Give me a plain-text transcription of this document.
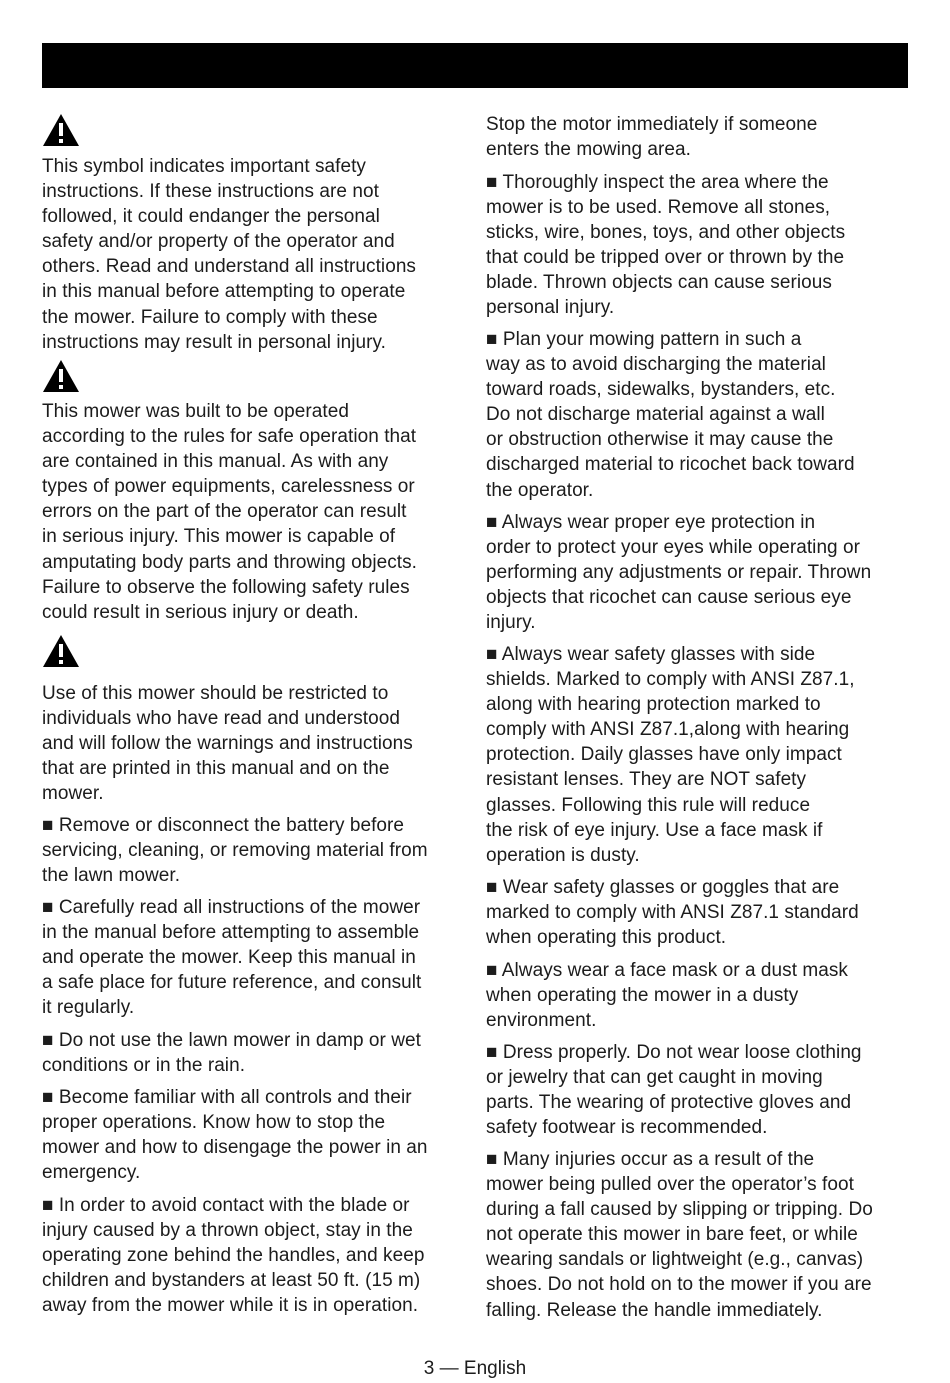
This symbol indicates important safety
instructions. If these instructions are not
followed, it could endanger the personal
safety and/or property of the operator and
others. Read and understand all instructions
in this manual before attempting to operate
the mower. Failure to comply with these
instructions may result in personal injury.

This mower was built to be operated
according to the rules for safe operation that
are contained in this manual. As with any
types of power equipments, carelessness or
errors on the part of the operator can result
in serious injury. This mower is capable of
amputating body parts and throwing objects.
Failure to observe the following safety rules
could result in serious injury or death.

Use of this mower should be restricted to
individuals who have read and understood
and will follow the warnings and instructions
that are printed in this manual and on the
mower.

■ Remove or disconnect the battery before
servicing, cleaning, or removing material from
the lawn mower.

■ Carefully read all instructions of the mower
in the manual before attempting to assemble
and operate the mower. Keep this manual in
a safe place for future reference, and consult
it regularly.

■ Do not use the lawn mower in damp or wet
conditions or in the rain.

■ Become familiar with all controls and their
proper operations. Know how to stop the
mower and how to disengage the power in an
emergency.

■ In order to avoid contact with the blade or
injury caused by a thrown object, stay in the
operating zone behind the handles, and keep
children and bystanders at least 50 ft. (15 m)
away from the mower while it is in operation.

Stop the motor immediately if someone
enters the mowing area.

■ Thoroughly inspect the area where the
mower is to be used. Remove all stones,
sticks, wire, bones, toys, and other objects
that could be tripped over or thrown by the
blade. Thrown objects can cause serious
personal injury.

■ Plan your mowing pattern in such a
way as to avoid discharging the material
toward roads, sidewalks, bystanders, etc.
Do not discharge material against a wall
or obstruction otherwise it may cause the
discharged material to ricochet back toward
the operator.

■ Always wear proper eye protection in
order to protect your eyes while operating or
performing any adjustments or repair. Thrown
objects that ricochet can cause serious eye
injury.

■ Always wear safety glasses with side
shields. Marked to comply with ANSI Z87.1,
along with hearing protection marked to
comply with ANSI Z87.1,along with hearing
protection. Daily glasses have only impact
resistant lenses. They are NOT safety
glasses. Following this rule will reduce
the risk of eye injury. Use a face mask if
operation is dusty.

■ Wear safety glasses or goggles that are
marked to comply with ANSI Z87.1 standard
when operating this product.

■ Always wear a face mask or a dust mask
when operating the mower in a dusty
environment.

■ Dress properly. Do not wear loose clothing
or jewelry that can get caught in moving
parts. The wearing of protective gloves and
safety footwear is recommended.

■ Many injuries occur as a result of the
mower being pulled over the operator’s foot
during a fall caused by slipping or tripping. Do
not operate this mower in bare feet, or while
wearing sandals or lightweight (e.g., canvas)
shoes. Do not hold on to the mower if you are
falling. Release the handle immediately.

3 — English
